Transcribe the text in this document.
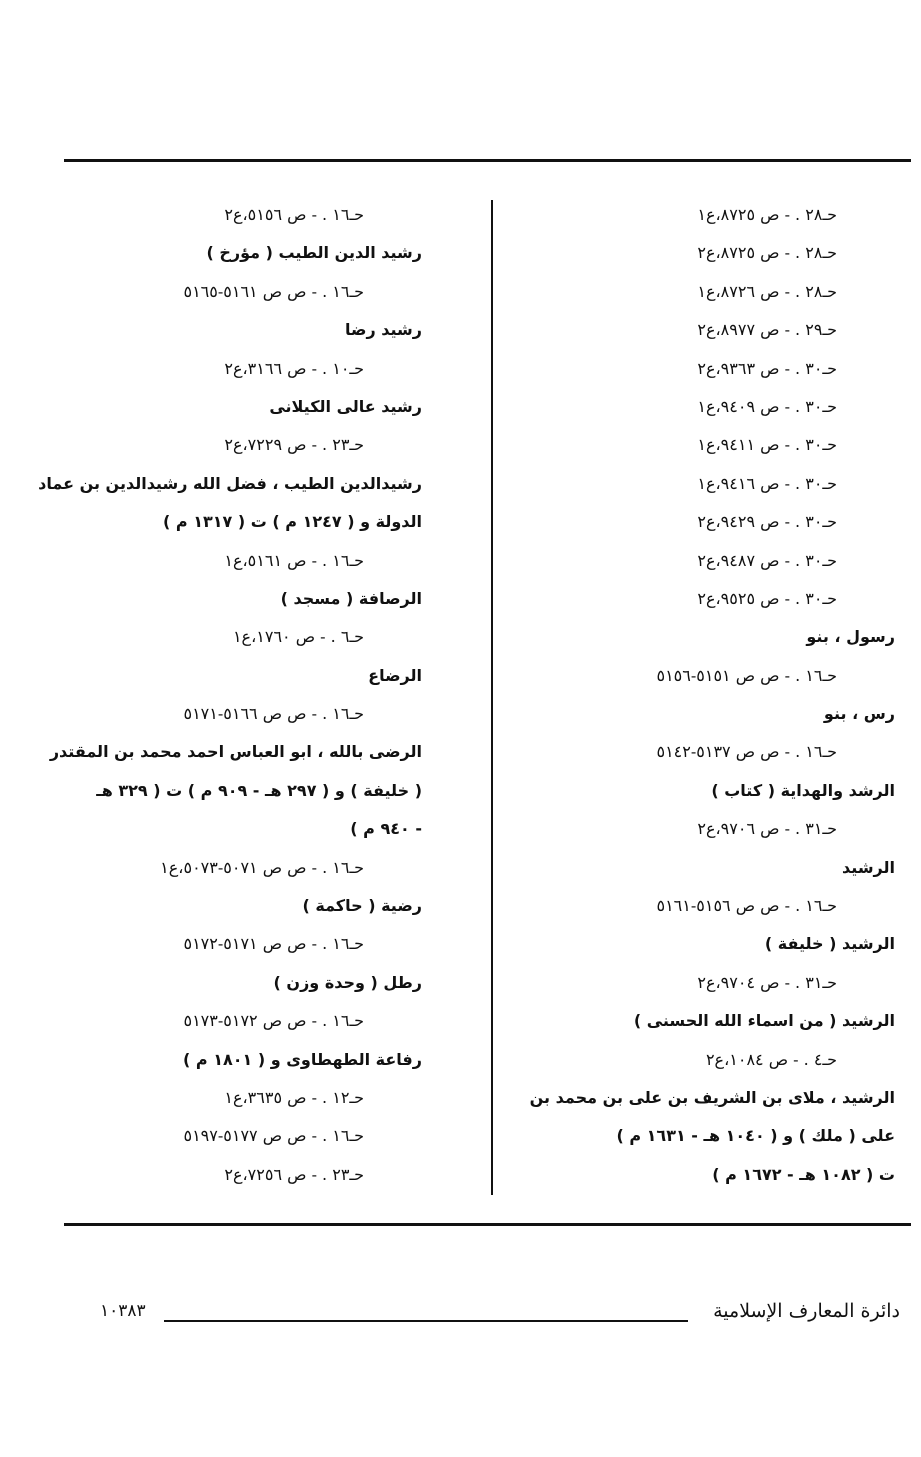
حـ٢٨ . - ص ٨٧٢٥،ع١
حـ٢٨ . - ص ٨٧٢٥،ع٢
حـ٢٨ . - ص ٨٧٢٦،ع١
حـ٢٩ . - ص ٨٩٧٧،ع٢
حـ٣٠ . - ص ٩٣٦٣،ع٢
حـ٣٠ . - ص ٩٤٠٩،ع١
حـ٣٠ . - ص ٩٤١١،ع١
حـ٣٠ . - ص ٩٤١٦،ع١
حـ٣٠ . - ص ٩٤٢٩،ع٢
حـ٣٠ . - ص ٩٤٨٧،ع٢
حـ٣٠ . - ص ٩٥٢٥،ع٢
رسول ، بنو
حـ١٦ . - ص ص ٥١٥١-٥١٥٦
رس ، بنو
حـ١٦ . - ص ص ٥١٣٧-٥١٤٢
الرشد والهداية ( كتاب )
حـ٣١ . - ص ٩٧٠٦،ع٢
الرشيد
حـ١٦ . - ص ص ٥١٥٦-٥١٦١
الرشيد ( خليفة )
حـ٣١ . - ص ٩٧٠٤،ع٢
الرشيد ( من اسماء الله الحسنى )
حـ٤ . - ص ١٠٨٤،ع٢
الرشيد ، ملاى بن الشريف بن على بن محمد بن
على ( ملك ) و ( ١٠٤٠ هـ - ١٦٣١ م )
ت ( ١٠٨٢ هـ - ١٦٧٢ م )
حـ١٦ . - ص ٥١٥٦،ع٢
رشيد الدين الطيب ( مؤرخ )
حـ١٦ . - ص ص ٥١٦١-٥١٦٥
رشيد رضا
حـ١٠ . - ص ٣١٦٦،ع٢
رشيد عالى الكيلانى
حـ٢٣ . - ص ٧٢٢٩،ع٢
رشيدالدين الطيب ، فضل الله رشيدالدين بن عماد
الدولة و ( ١٢٤٧ م ) ت ( ١٣١٧ م )
حـ١٦ . - ص ٥١٦١،ع١
الرصافة ( مسجد )
حـ٦ . - ص ١٧٦٠،ع١
الرضاع
حـ١٦ . - ص ص ٥١٦٦-٥١٧١
الرضى بالله ، ابو العباس احمد محمد بن المقتدر
( خليفة ) و ( ٢٩٧ هـ - ٩٠٩ م ) ت ( ٣٢٩ هـ
- ٩٤٠ م )
حـ١٦ . - ص ص ٥٠٧١-٥٠٧٣،ع١
رضية ( حاكمة )
حـ١٦ . - ص ص ٥١٧١-٥١٧٢
رطل ( وحدة وزن )
حـ١٦ . - ص ص ٥١٧٢-٥١٧٣
رفاعة الطهطاوى و ( ١٨٠١ م )
حـ١٢ . - ص ٣٦٣٥،ع١
حـ١٦ . - ص ص ٥١٧٧-٥١٩٧
حـ٢٣ . - ص ٧٢٥٦،ع٢
دائرة المعارف الإسلامية
١٠٣٨٣
